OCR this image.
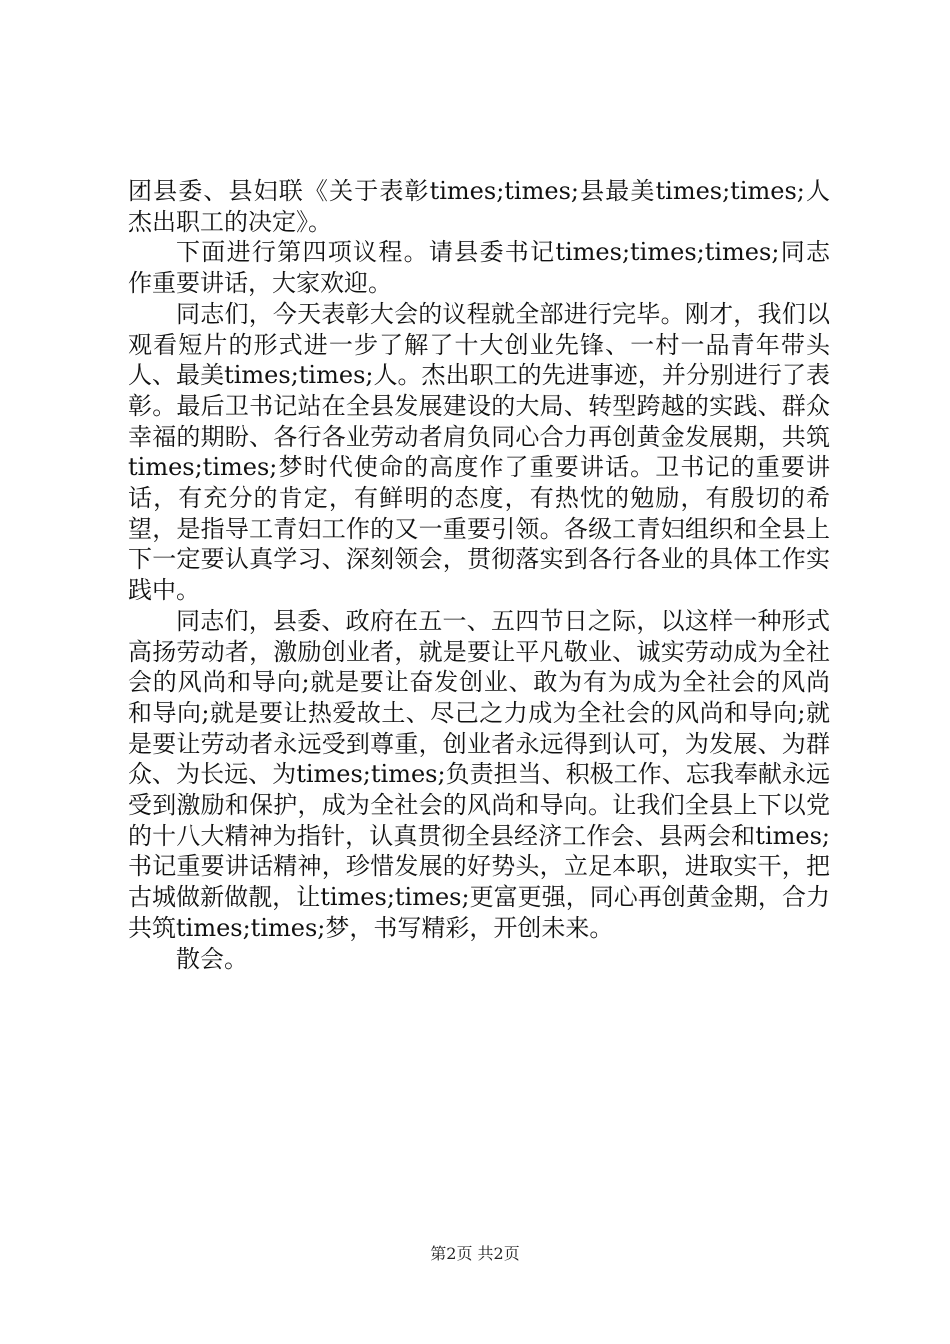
团县委、县妇联《关于表彰times;times;县最美times;times;人杰出职工的决定》。

下面进行第四项议程。请县委书记times;times;times;同志作重要讲话，大家欢迎。

同志们，今天表彰大会的议程就全部进行完毕。刚才，我们以观看短片的形式进一步了解了十大创业先锋、一村一品青年带头人、最美times;times;人。杰出职工的先进事迹，并分别进行了表彰。最后卫书记站在全县发展建设的大局、转型跨越的实践、群众幸福的期盼、各行各业劳动者肩负同心合力再创黄金发展期，共筑times;times;梦时代使命的高度作了重要讲话。卫书记的重要讲话，有充分的肯定，有鲜明的态度，有热忱的勉励，有殷切的希望，是指导工青妇工作的又一重要引领。各级工青妇组织和全县上下一定要认真学习、深刻领会，贯彻落实到各行各业的具体工作实践中。

同志们，县委、政府在五一、五四节日之际，以这样一种形式高扬劳动者，激励创业者，就是要让平凡敬业、诚实劳动成为全社会的风尚和导向;就是要让奋发创业、敢为有为成为全社会的风尚和导向;就是要让热爱故土、尽己之力成为全社会的风尚和导向;就是要让劳动者永远受到尊重，创业者永远得到认可，为发展、为群众、为长远、为times;times;负责担当、积极工作、忘我奉献永远受到激励和保护，成为全社会的风尚和导向。让我们全县上下以党的十八大精神为指针，认真贯彻全县经济工作会、县两会和times;书记重要讲话精神，珍惜发展的好势头，立足本职，进取实干，把古城做新做靓，让times;times;更富更强，同心再创黄金期，合力共筑times;times;梦，书写精彩，开创未来。

散会。

第2页 共2页
